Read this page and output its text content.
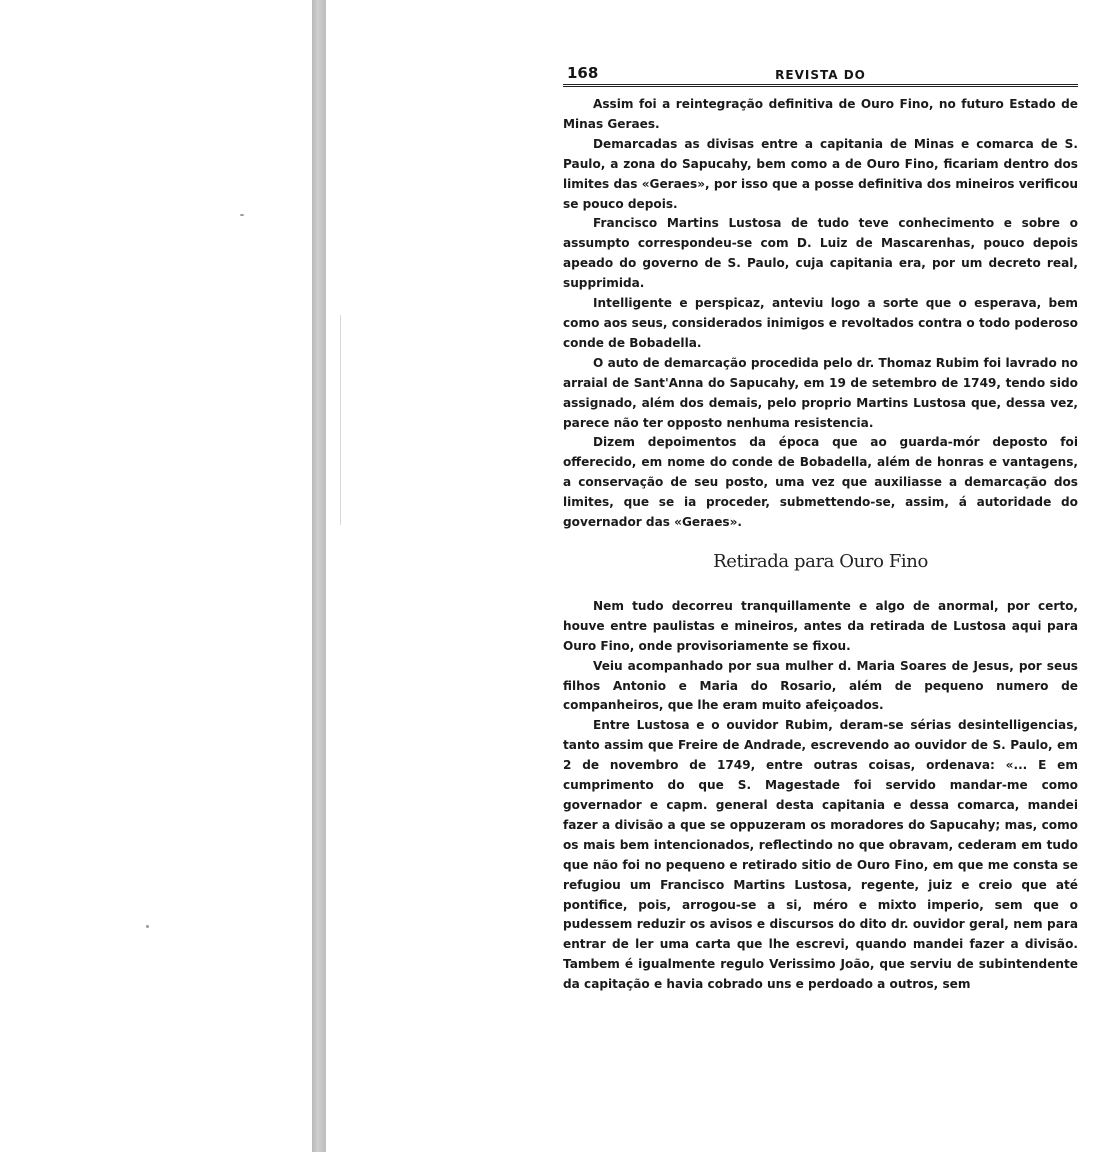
168	REVISTA DO

Assim foi a reintegração definitiva de Ouro Fino, no futuro Estado de Minas Geraes.

Demarcadas as divisas entre a capitania de Minas e comarca de S. Paulo, a zona do Sapucahy, bem como a de Ouro Fino, ficariam dentro dos limites das «Geraes», por isso que a posse definitiva dos mineiros verificou se pouco depois.

Francisco Martins Lustosa de tudo teve conhecimento e sobre o assumpto correspondeu-se com D. Luiz de Mascarenhas, pouco depois apeado do governo de S. Paulo, cuja capitania era, por um decreto real, supprimida.

Intelligente e perspicaz, anteviu logo a sorte que o esperava, bem como aos seus, considerados inimigos e revoltados contra o todo poderoso conde de Bobadella.

O auto de demarcação procedida pelo dr. Thomaz Rubim foi lavrado no arraial de Sant'Anna do Sapucahy, em 19 de setembro de 1749, tendo sido assignado, além dos demais, pelo proprio Martins Lustosa que, dessa vez, parece não ter opposto nenhuma resistencia.

Dizem depoimentos da época que ao guarda-mór deposto foi offerecido, em nome do conde de Bobadella, além de honras e vantagens, a conservação de seu posto, uma vez que auxiliasse a demarcação dos limites, que se ia proceder, submettendo-se, assim, á autoridade do governador das «Geraes».

Retirada para Ouro Fino

Nem tudo decorreu tranquillamente e algo de anormal, por certo, houve entre paulistas e mineiros, antes da retirada de Lustosa aqui para Ouro Fino, onde provisoriamente se fixou.

Veiu acompanhado por sua mulher d. Maria Soares de Jesus, por seus filhos Antonio e Maria do Rosario, além de pequeno numero de companheiros, que lhe eram muito afeiçoados.

Entre Lustosa e o ouvidor Rubim, deram-se sérias desintelligencias, tanto assim que Freire de Andrade, escrevendo ao ouvidor de S. Paulo, em 2 de novembro de 1749, entre outras coisas, ordenava: «... E em cumprimento do que S. Magestade foi servido mandar-me como governador e capm. general desta capitania e dessa comarca, mandei fazer a divisão a que se oppuzeram os moradores do Sapucahy; mas, como os mais bem intencionados, reflectindo no que obravam, cederam em tudo que não foi no pequeno e retirado sitio de Ouro Fino, em que me consta se refugiou um Francisco Martins Lustosa, regente, juiz e creio que até pontifice, pois, arrogou-se a si, méro e mixto imperio, sem que o pudessem reduzir os avisos e discursos do dito dr. ouvidor geral, nem para entrar de ler uma carta que lhe escrevi, quando mandei fazer a divisão. Tambem é igualmente regulo Verissimo João, que serviu de subintendente da capitação e havia cobrado uns e perdoado a outros, sem
